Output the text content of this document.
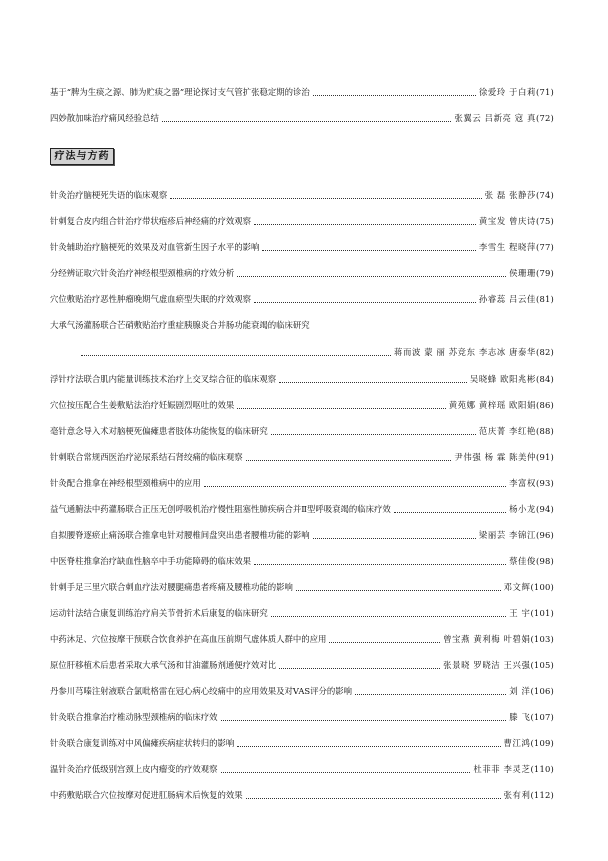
基于“脾为生痰之源、肺为贮痰之器”理论探讨支气管扩张稳定期的诊治	徐爱玲 于白莉 (71)
四妙散加味治疗痛风经验总结	张翼云 吕新亮 寇 真 (72)
疗法与方药
针灸治疗脑梗死失语的临床观察	张 磊 张静莎 (74)
针刺复合皮内组合针治疗带状疱疹后神经痛的疗效观察	黄宝发 曾庆诗 (75)
针灸辅助治疗脑梗死的效果及对血管新生因子水平的影响	李雪生 程晓萍 (77)
分经辨证取穴针灸治疗神经根型颈椎病的疗效分析	侯珊珊 (79)
穴位敷贴治疗恶性肿瘤晚期气虚血瘀型失眠的疗效观察	孙睿蕊 吕云佳 (81)
大承气汤灌肠联合芒硝敷贴治疗重症胰腺炎合并肠功能衰竭的临床研究
蒋而波 蒙 丽 苏竞东 李志冰 唐泰华 (82)
浮针疗法联合肌内能量训练技术治疗上交叉综合征的临床观察	吴晓蜂 欧阳兆彬 (84)
穴位按压配合生姜敷贴法治疗妊娠剧烈呕吐的效果	黄苑娜 黄梓瑶 欧阳娟 (86)
毫针意念导入术对脑梗死偏瘫患者肢体功能恢复的临床研究	范庆菁 李红艳 (88)
针刺联合常规西医治疗泌尿系结石肾绞痛的临床观察	尹伟强 杨 霖 陈美仲 (91)
针灸配合推拿在神经根型颈椎病中的应用	李富权 (93)
益气通腑法中药灌肠联合正压无创呼吸机治疗慢性阻塞性肺疾病合并Ⅱ型呼吸衰竭的临床疗效	杨小龙 (94)
自拟腰脊逐瘀止痛汤联合推拿电针对腰椎间盘突出患者腰椎功能的影响	梁丽芸 李锦江 (96)
中医脊柱推拿治疗缺血性脑卒中手功能障碍的临床效果	蔡佳俊 (98)
针刺手足三里穴联合刺血疗法对腰腿痛患者疼痛及腰椎功能的影响	邓文辉 (100)
运动针法结合康复训练治疗肩关节骨折术后康复的临床研究	王 宇 (101)
中药沐足、穴位按摩干预联合饮食养护在高血压前期气虚体质人群中的应用	曾宝燕 黄利梅 叶碧娟 (103)
原位肝移植术后患者采取大承气汤和甘油灌肠剂通便疗效对比	张景晓 罗晓洁 王兴强 (105)
丹参川芎嗪注射液联合氯吡格雷在冠心病心绞痛中的应用效果及对VAS评分的影响	刘 洋 (106)
针灸联合推拿治疗椎动脉型颈椎病的临床疗效	滕 飞 (107)
针灸联合康复训练对中风偏瘫疾病症状转归的影响	曹江鸿 (109)
温针灸治疗低级别宫颈上皮内瘤变的疗效观察	杜菲菲 李灵芝 (110)
中药敷贴联合穴位按摩对促进肛肠病术后恢复的效果	张有利 (112)
